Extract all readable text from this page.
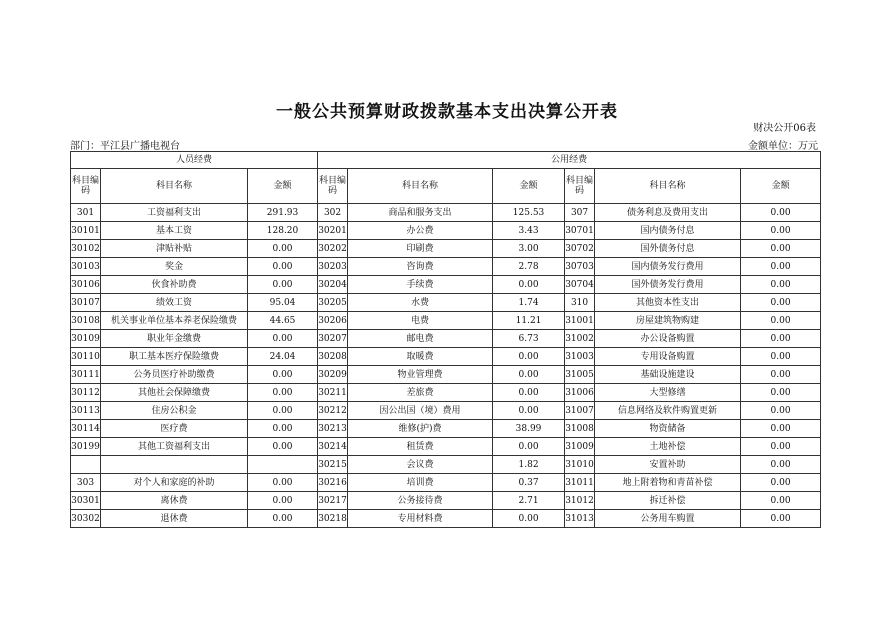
一般公共预算财政拨款基本支出决算公开表
财决公开06表
部门：平江县广播电视台	金额单位：万元
人员经费			公用经费					
科目编码	科目名称	金额	科目编码	科目名称	金额	科目编码	科目名称	金额
301	工资福利支出	291.93	302	商品和服务支出	125.53	307	债务利息及费用支出	0.00
30101	基本工资	128.20	30201	办公费	3.43	30701	国内债务付息	0.00
30102	津贴补贴	0.00	30202	印刷费	3.00	30702	国外债务付息	0.00
30103	奖金	0.00	30203	咨询费	2.78	30703	国内债务发行费用	0.00
30106	伙食补助费	0.00	30204	手续费	0.00	30704	国外债务发行费用	0.00
30107	绩效工资	95.04	30205	水费	1.74	310	其他资本性支出	0.00
30108	机关事业单位基本养老保险缴费	44.65	30206	电费	11.21	31001	房屋建筑物购建	0.00
30109	职业年金缴费	0.00	30207	邮电费	6.73	31002	办公设备购置	0.00
30110	职工基本医疗保险缴费	24.04	30208	取暖费	0.00	31003	专用设备购置	0.00
30111	公务员医疗补助缴费	0.00	30209	物业管理费	0.00	31005	基础设施建设	0.00
30112	其他社会保障缴费	0.00	30211	差旅费	0.00	31006	大型修缮	0.00
30113	住房公积金	0.00	30212	因公出国（境）费用	0.00	31007	信息网络及软件购置更新	0.00
30114	医疗费	0.00	30213	维修(护)费	38.99	31008	物资储备	0.00
30199	其他工资福利支出	0.00	30214	租赁费	0.00	31009	土地补偿	0.00
			30215	会议费	1.82	31010	安置补助	0.00
303	对个人和家庭的补助	0.00	30216	培训费	0.37	31011	地上附着物和青苗补偿	0.00
30301	离休费	0.00	30217	公务接待费	2.71	31012	拆迁补偿	0.00
30302	退休费	0.00	30218	专用材料费	0.00	31013	公务用车购置	0.00
